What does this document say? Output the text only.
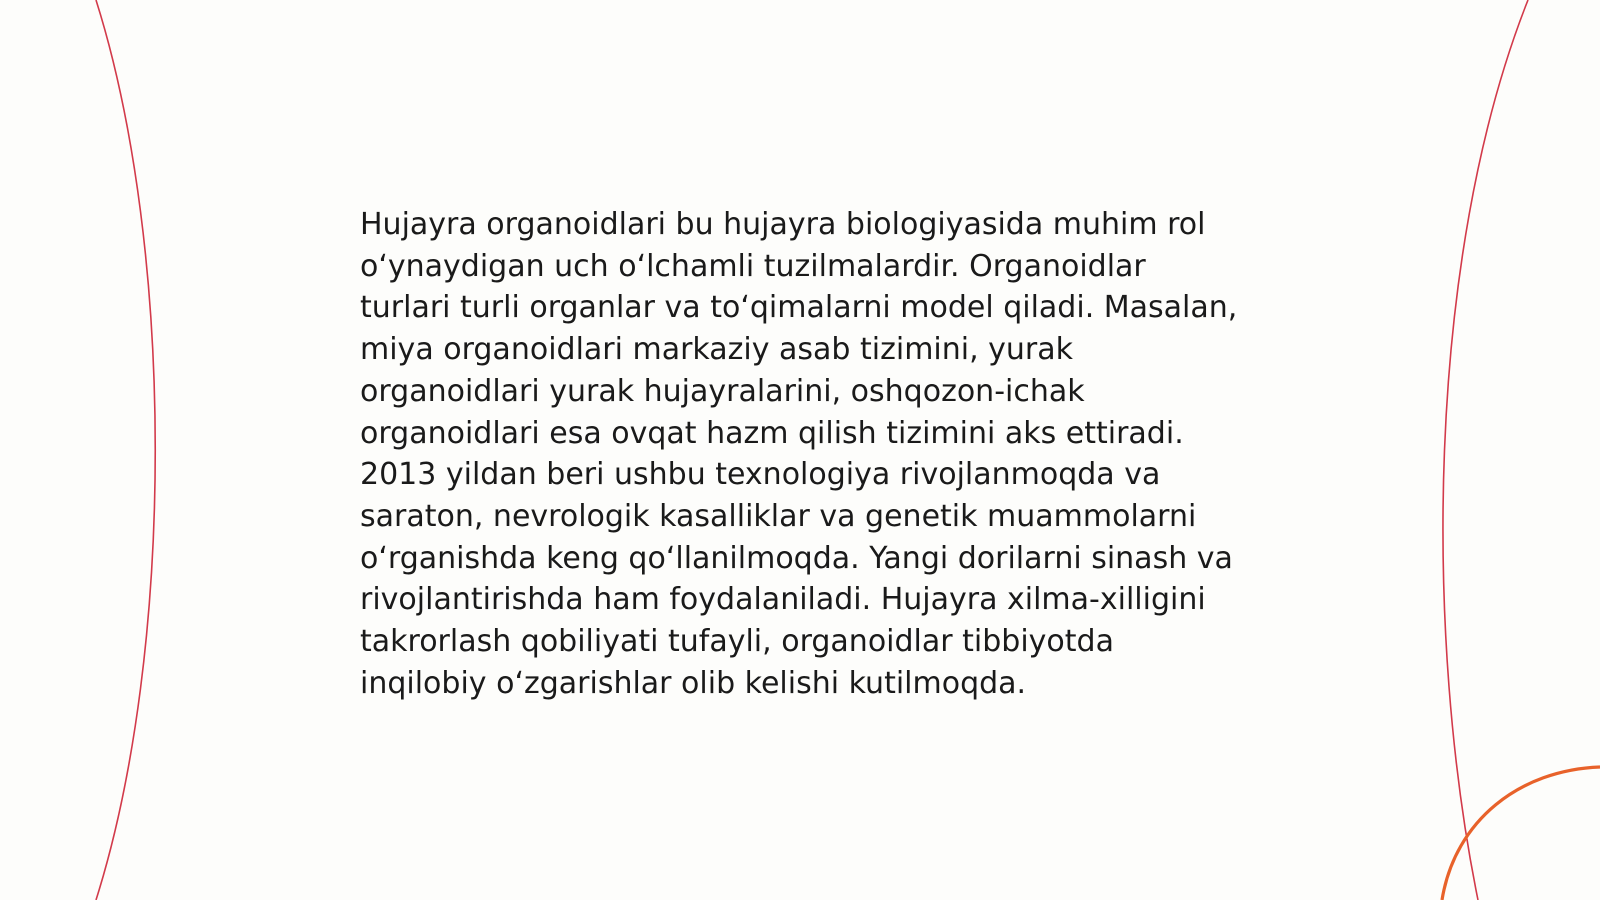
Hujayra organoidlari bu hujayra biologiyasida muhim rol o‘ynaydigan uch o‘lchamli tuzilmalardir. Organoidlar turlari turli organlar va to‘qimalarni model qiladi. Masalan, miya organoidlari markaziy asab tizimini, yurak organoidlari yurak hujayralarini, oshqozon-ichak organoidlari esa ovqat hazm qilish tizimini aks ettiradi. 2013 yildan beri ushbu texnologiya rivojlanmoqda va saraton, nevrologik kasalliklar va genetik muammolarni o‘rganishda keng qo‘llanilmoqda. Yangi dorilarni sinash va rivojlantirishda ham foydalaniladi. Hujayra xilma-xilligini takrorlash qobiliyati tufayli, organoidlar tibbiyotda inqilobiy o‘zgarishlar olib kelishi kutilmoqda.
